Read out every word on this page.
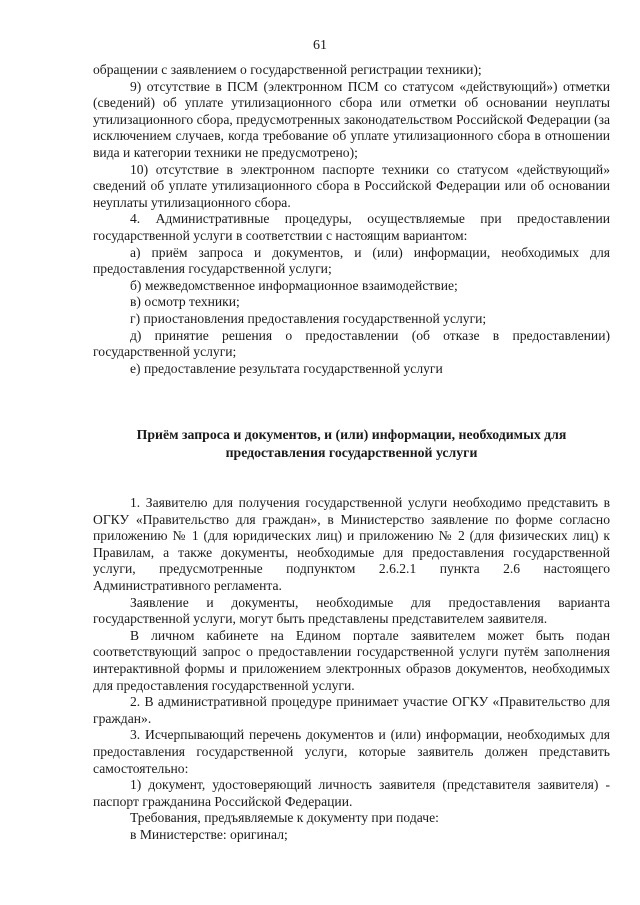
61

обращении с заявлением о государственной регистрации техники);

9) отсутствие в ПСМ (электронном ПСМ со статусом «действующий») отметки (сведений) об уплате утилизационного сбора или отметки об основании неуплаты утилизационного сбора, предусмотренных законодательством Российской Федерации (за исключением случаев, когда требование об уплате утилизационного сбора в отношении вида и категории техники не предусмотрено);

10) отсутствие в электронном паспорте техники со статусом «действующий» сведений об уплате утилизационного сбора в Российской Федерации или об основании неуплаты утилизационного сбора.

4. Административные процедуры, осуществляемые при предоставлении государственной услуги в соответствии с настоящим вариантом:

а) приём запроса и документов, и (или) информации, необходимых для предоставления государственной услуги;

б) межведомственное информационное взаимодействие;

в) осмотр техники;

г) приостановления предоставления государственной услуги;

д) принятие решения о предоставлении (об отказе в предоставлении) государственной услуги;

е) предоставление результата государственной услуги

Приём запроса и документов, и (или) информации, необходимых для
предоставления государственной услуги

1. Заявителю для получения государственной услуги необходимо представить в ОГКУ «Правительство для граждан», в Министерство заявление по форме согласно приложению № 1 (для юридических лиц) и приложению № 2 (для физических лиц) к Правилам, а также документы, необходимые для предоставления государственной услуги, предусмотренные подпунктом 2.6.2.1 пункта 2.6 настоящего Административного регламента.

Заявление и документы, необходимые для предоставления варианта государственной услуги, могут быть представлены представителем заявителя.

В личном кабинете на Едином портале заявителем может быть подан соответствующий запрос о предоставлении государственной услуги путём заполнения интерактивной формы и приложением электронных образов документов, необходимых для предоставления государственной услуги.

2. В административной процедуре принимает участие ОГКУ «Правительство для граждан».

3. Исчерпывающий перечень документов и (или) информации, необходимых для предоставления государственной услуги, которые заявитель должен представить самостоятельно:

1) документ, удостоверяющий личность заявителя (представителя заявителя) - паспорт гражданина Российской Федерации.

Требования, предъявляемые к документу при подаче:

в Министерстве: оригинал;
